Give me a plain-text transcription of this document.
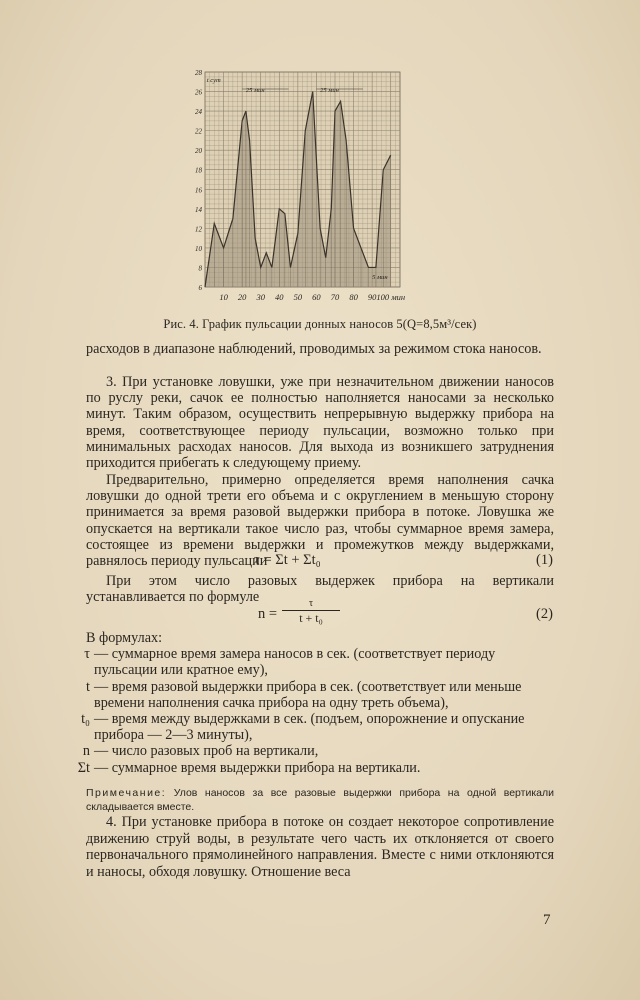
6
8
10
12
14
16
18
20
22
24
26
28
10 20 30 40 50 60 70 80 90 100 мин
t сут
25 мин	25 мин
5 мин
Рис. 4. График пульсации донных наносов 5(Q=8,5м³/сек)

расходов в диапазоне наблюдений, проводимых за режимом стока наносов.

3. При установке ловушки, уже при незначительном движении наносов по руслу реки, сачок ее полностью наполняется наносами за несколько минут. Таким образом, осуществить непрерывную выдержку прибора на время, соответствующее периоду пульсации, возможно только при минимальных расходах наносов. Для выхода из возникшего затруднения приходится прибегать к следующему приему.

Предварительно, примерно определяется время наполнения сачка ловушки до одной трети его объема и с округлением в меньшую сторону принимается за время разовой выдержки прибора в потоке. Ловушка же опускается на вертикали такое число раз, чтобы суммарное время замера, состоящее из времени выдержки и промежутков между выдержками, равнялось периоду пульсации

τ = Σt + Σt₀	(1)

При этом число разовых выдержек прибора на вертикали устанавливается по формуле

n =
τ
t + t₀	(2)
В формулах:
τ — суммарное время замера наносов в сек. (соответствует периоду пульсации или кратное ему),
t — время разовой выдержки прибора в сек. (соответствует или меньше времени наполнения сачка прибора на одну треть объема),
t₀ — время между выдержками в сек. (подъем, опорожнение и опускание прибора — 2—3 минуты),
n — число разовых проб на вертикали,
Σt — суммарное время выдержки прибора на вертикали.
Примечание: Улов наносов за все разовые выдержки прибора на одной вертикали складывается вместе.

4. При установке прибора в потоке он создает некоторое сопротивление движению струй воды, в результате чего часть их отклоняется от своего первоначального прямолинейного направления. Вместе с ними отклоняются и наносы, обходя ловушку. Отношение веса

7
